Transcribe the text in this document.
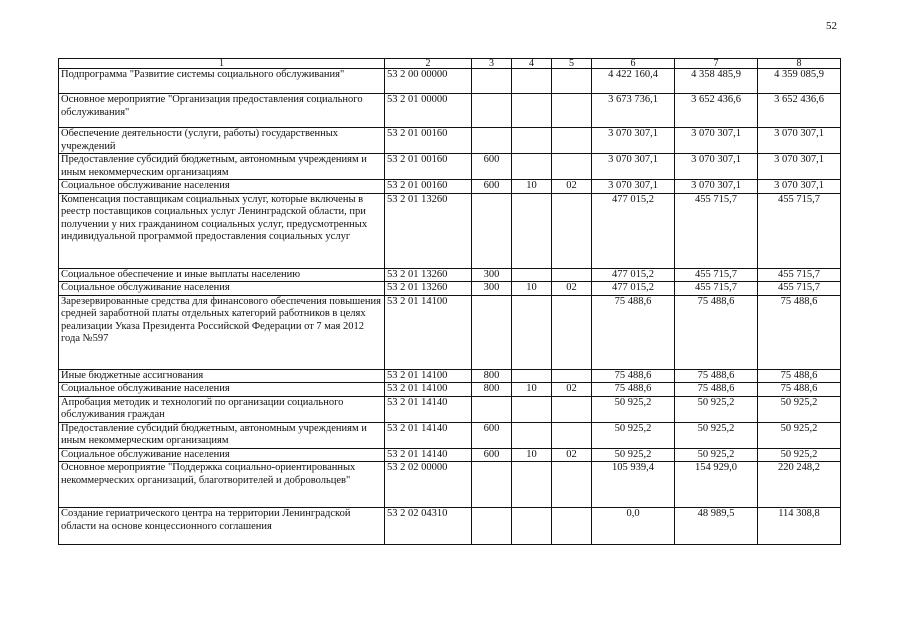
52
1	2	3	4	5	6	7	8
Подпрограмма "Развитие системы социального обслуживания"	53 2 00 00000				4 422 160,4	4 358 485,9	4 359 085,9
Основное мероприятие "Организация предоставления социального обслуживания"	53 2 01 00000				3 673 736,1	3 652 436,6	3 652 436,6
Обеспечение деятельности (услуги, работы) государственных учреждений	53 2 01 00160				3 070 307,1	3 070 307,1	3 070 307,1
Предоставление субсидий бюджетным, автономным учреждениям и иным некоммерческим организациям	53 2 01 00160	600			3 070 307,1	3 070 307,1	3 070 307,1
Социальное обслуживание населения	53 2 01 00160	600	10	02	3 070 307,1	3 070 307,1	3 070 307,1
Компенсация поставщикам социальных услуг, которые включены в реестр поставщиков социальных услуг Ленинградской области, при получении у них гражданином социальных услуг, предусмотренных индивидуальной программой предоставления социальных услуг	53 2 01 13260				477 015,2	455 715,7	455 715,7
Социальное обеспечение и иные выплаты населению	53 2 01 13260	300			477 015,2	455 715,7	455 715,7
Социальное обслуживание населения	53 2 01 13260	300	10	02	477 015,2	455 715,7	455 715,7
Зарезервированные средства для финансового обеспечения повышения средней заработной платы отдельных категорий работников в целях реализации Указа Президента Российской Федерации от 7 мая 2012 года №597	53 2 01 14100				75 488,6	75 488,6	75 488,6
Иные бюджетные ассигнования	53 2 01 14100	800			75 488,6	75 488,6	75 488,6
Социальное обслуживание населения	53 2 01 14100	800	10	02	75 488,6	75 488,6	75 488,6
Апробация методик и технологий по организации социального обслуживания граждан	53 2 01 14140				50 925,2	50 925,2	50 925,2
Предоставление субсидий бюджетным, автономным учреждениям и иным некоммерческим организациям	53 2 01 14140	600			50 925,2	50 925,2	50 925,2
Социальное обслуживание населения	53 2 01 14140	600	10	02	50 925,2	50 925,2	50 925,2
Основное мероприятие "Поддержка социально-ориентированных некоммерческих организаций, благотворителей и добровольцев"	53 2 02 00000				105 939,4	154 929,0	220 248,2
Создание гериатрического центра на территории Ленинградской области на основе концессионного соглашения	53 2 02 04310				0,0	48 989,5	114 308,8
